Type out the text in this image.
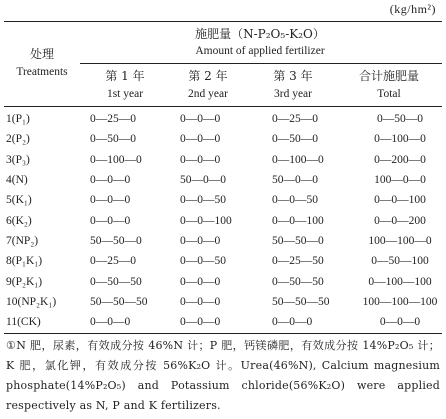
(kg/hm²)
处理
Treatments
施肥量（N-P₂O₅-K₂O）
Amount of applied fertilizer
第 1 年	第 2 年	第 3 年	合计施肥量
1st year	2nd year	3rd year	Total
1(P₁)	0—25—0	0—0—0	0—25—0	0—50—0
2(P₂)	0—50—0	0—0—0	0—50—0	0—100—0
3(P₃)	0—100—0	0—0—0	0—100—0	0—200—0
4(N)	0—0—0	50—0—0	50—0—0	100—0—0
5(K₁)	0—0—0	0—0—50	0—0—50	0—0—100
6(K₂)	0—0—0	0—0—100	0—0—100	0—0—200
7(NP₂)	50—50—0	0—0—0	50—50—0	100—100—0
8(P₁K₁)	0—25—0	0—0—50	0—25—50	0—50—100
9(P₂K₁)	0—50—50	0—0—0	0—50—50	0—100—100
10(NP₂K₁)	50—50—50	0—0—0	50—50—50	100—100—100
11(CK)	0—0—0	0—0—0	0—0—0	0—0—0
①N 肥，尿素，有效成分按 46%N 计；P 肥，钙镁磷肥，有效成分按 14%P₂O₅ 计；K 肥，氯化钾，有效成分按 56%K₂O 计。Urea(46%N), Calcium magnesium phosphate(14%P₂O₅) and Potassium chloride(56%K₂O) were applied respectively as N, P and K fertilizers.
